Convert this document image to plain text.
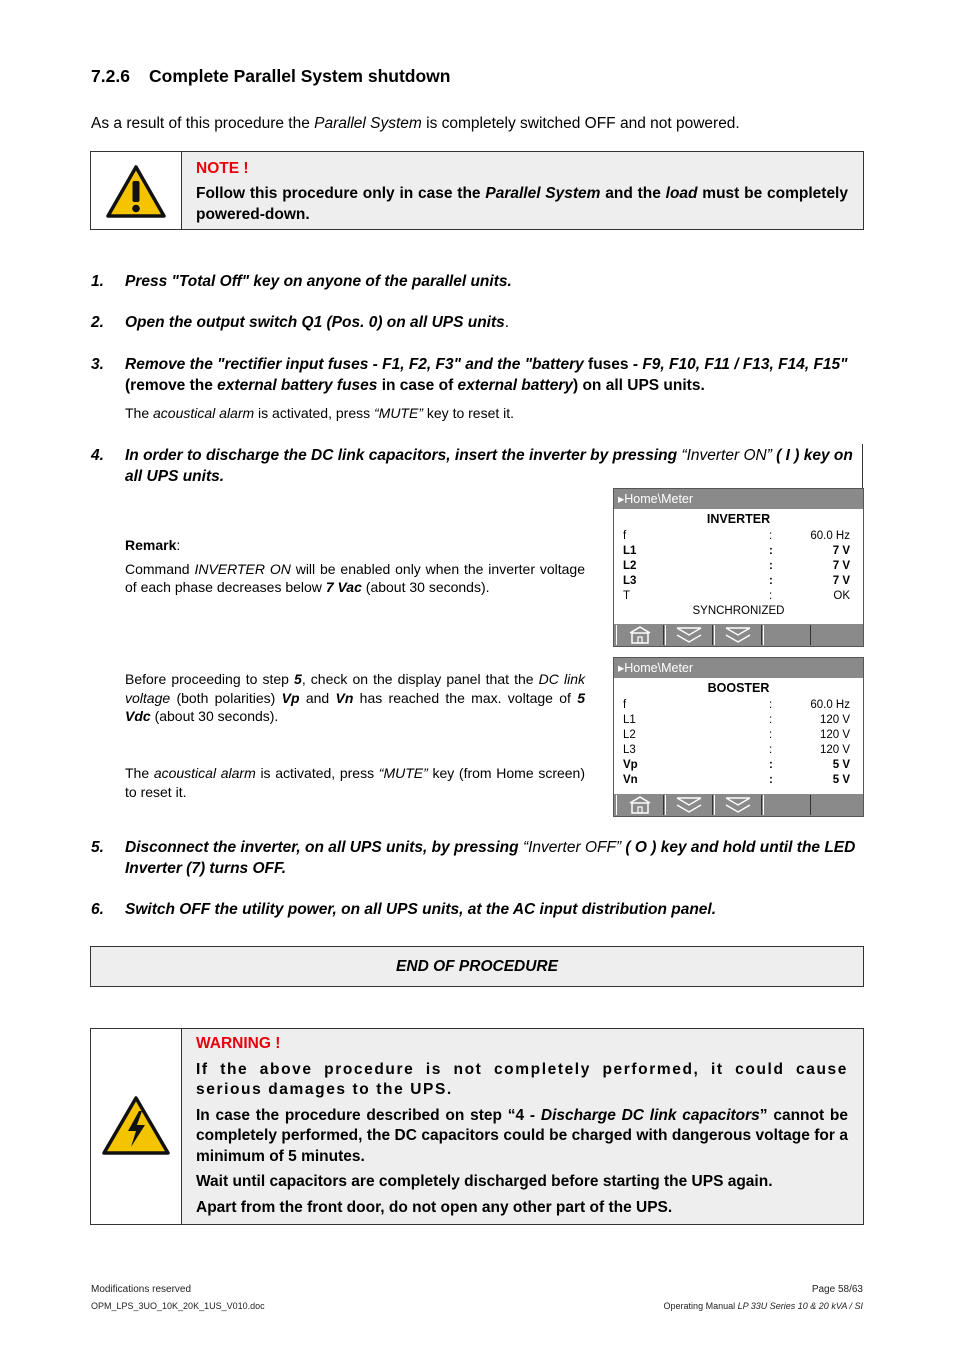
7.2.6 Complete Parallel System shutdown
As a result of this procedure the Parallel System is completely switched OFF and not powered.
NOTE !
Follow this procedure only in case the Parallel System and the load must be completely powered-down.
1. Press "Total Off" key on anyone of the parallel units.
2. Open the output switch Q1 (Pos. 0) on all UPS units.
3. Remove the "rectifier input fuses - F1, F2, F3" and the "battery fuses - F9, F10, F11 / F13, F14, F15"
(remove the external battery fuses in case of external battery) on all UPS units.
The acoustical alarm is activated, press “MUTE” key to reset it.
4. In order to discharge the DC link capacitors, insert the inverter by pressing “Inverter ON” ( I ) key on all UPS units.
Remark:
Command INVERTER ON will be enabled only when the inverter voltage of each phase decreases below 7 Vac (about 30 seconds).
▸Home\Meter
INVERTER
f	:	60.0 Hz
L1	:	7 V
L2	:	7 V
L3	:	7 V
T	:	OK
SYNCHRONIZED
Before proceeding to step 5, check on the display panel that the DC link voltage (both polarities) Vp and Vn has reached the max. voltage of 5 Vdc (about 30 seconds).
The acoustical alarm is activated, press “MUTE” key (from Home screen) to reset it.
▸Home\Meter
BOOSTER
f	:	60.0 Hz
L1	:	120 V
L2	:	120 V
L3	:	120 V
Vp	:	5 V
Vn	:	5 V
5. Disconnect the inverter, on all UPS units, by pressing “Inverter OFF” ( O ) key and hold until the LED Inverter (7) turns OFF.
6. Switch OFF the utility power, on all UPS units, at the AC input distribution panel.
END OF PROCEDURE

WARNING !

If the above procedure is not completely performed, it could cause serious damages to the UPS.

In case the procedure described on step “4 - Discharge DC link capacitors” cannot be completely performed, the DC capacitors could be charged with dangerous voltage for a minimum of 5 minutes.

Wait until capacitors are completely discharged before starting the UPS again.

Apart from the front door, do not open any other part of the UPS.

Modifications reserved
OPM_LPS_3UO_10K_20K_1US_V010.doc
Page 58/63
Operating Manual LP 33U Series 10 & 20 kVA / SI
